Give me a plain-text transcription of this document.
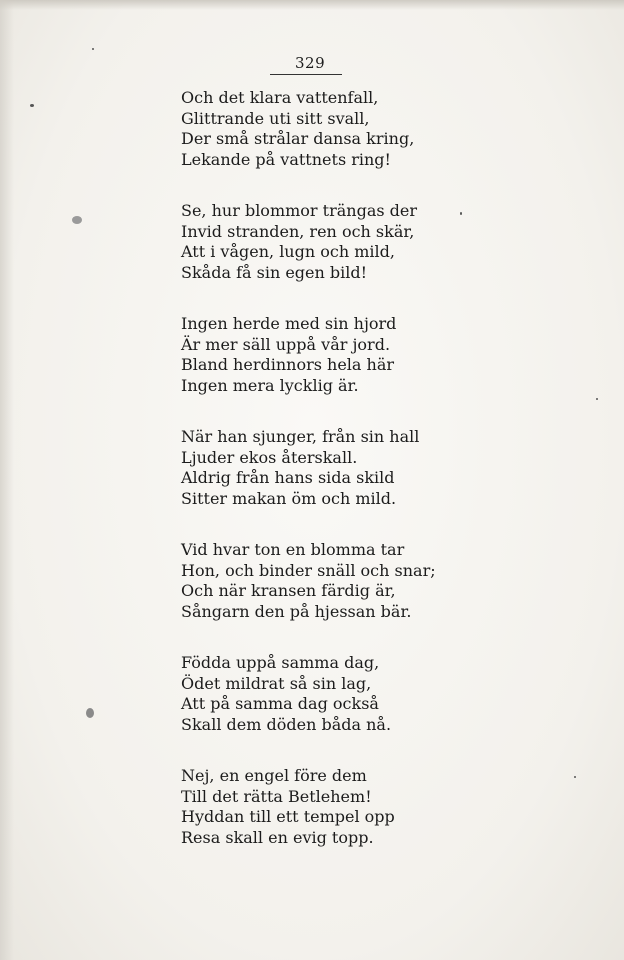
329
Och det klara vattenfall,
Glittrande uti sitt svall,
Der små strålar dansa kring,
Lekande på vattnets ring!
Se, hur blommor trängas der
Invid stranden, ren och skär,
Att i vågen, lugn och mild,
Skåda få sin egen bild!
Ingen herde med sin hjord
Är mer säll uppå vår jord.
Bland herdinnors hela här
Ingen mera lycklig är.
När han sjunger, från sin hall
Ljuder ekos återskall.
Aldrig från hans sida skild
Sitter makan öm och mild.
Vid hvar ton en blomma tar
Hon, och binder snäll och snar;
Och när kransen färdig är,
Sångarn den på hjessan bär.
Födda uppå samma dag,
Ödet mildrat så sin lag,
Att på samma dag också
Skall dem döden båda nå.
Nej, en engel före dem
Till det rätta Betlehem!
Hyddan till ett tempel opp
Resa skall en evig topp.
